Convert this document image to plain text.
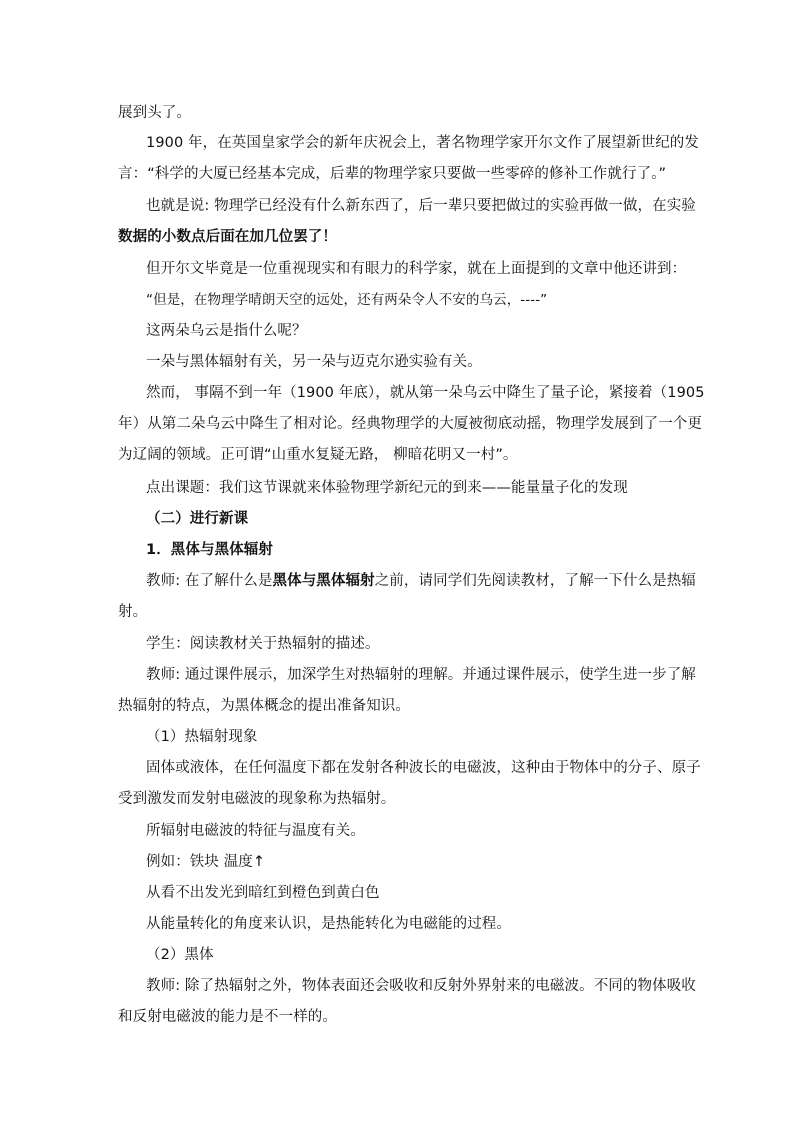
展到头了。

1900 年，在英国皇家学会的新年庆祝会上，著名物理学家开尔文作了展望新世纪的发
言：“科学的大厦已经基本完成，后辈的物理学家只要做一些零碎的修补工作就行了。”

也就是说: 物理学已经没有什么新东西了，后一辈只要把做过的实验再做一做，在实验
数据的小数点后面在加几位罢了！

但开尔文毕竟是一位重视现实和有眼力的科学家，就在上面提到的文章中他还讲到：

“但是，在物理学晴朗天空的远处，还有两朵令人不安的乌云，----”

这两朵乌云是指什么呢？

一朵与黑体辐射有关，另一朵与迈克尔逊实验有关。

然而， 事隔不到一年（1900 年底），就从第一朵乌云中降生了量子论，紧接着（1905
年）从第二朵乌云中降生了相对论。经典物理学的大厦被彻底动摇，物理学发展到了一个更
为辽阔的领域。正可谓“山重水复疑无路， 柳暗花明又一村”。

点出课题：我们这节课就来体验物理学新纪元的到来——能量量子化的发现

（二）进行新课

1．黑体与黑体辐射

教师: 在了解什么是黑体与黑体辐射之前，请同学们先阅读教材，了解一下什么是热辐
射。

学生：阅读教材关于热辐射的描述。

教师: 通过课件展示，加深学生对热辐射的理解。并通过课件展示，使学生进一步了解
热辐射的特点，为黑体概念的提出准备知识。

（1）热辐射现象

固体或液体，在任何温度下都在发射各种波长的电磁波，这种由于物体中的分子、原子
受到激发而发射电磁波的现象称为热辐射。

所辐射电磁波的特征与温度有关。

例如：铁块 温度↑

从看不出发光到暗红到橙色到黄白色

从能量转化的角度来认识，是热能转化为电磁能的过程。

（2）黑体

教师: 除了热辐射之外，物体表面还会吸收和反射外界射来的电磁波。不同的物体吸收
和反射电磁波的能力是不一样的。
